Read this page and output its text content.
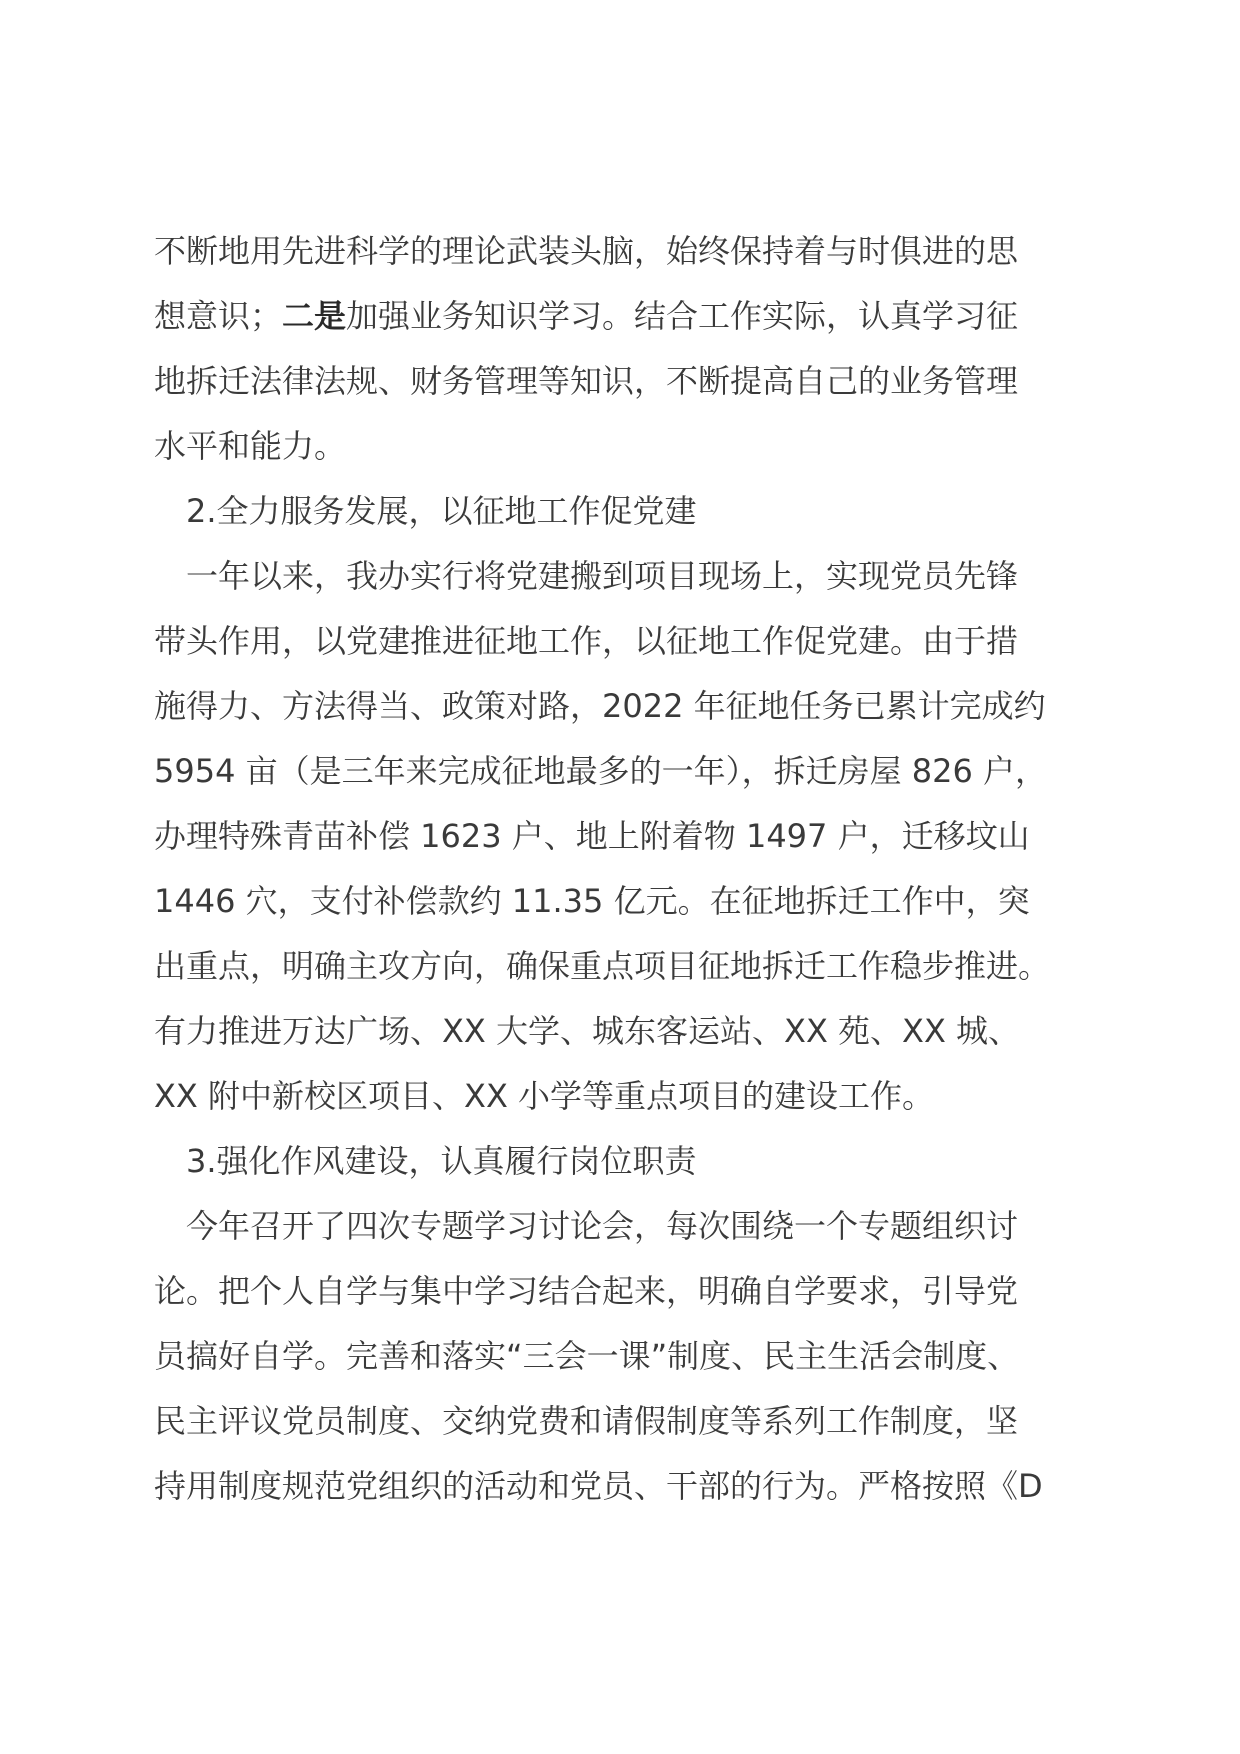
不断地用先进科学的理论武装头脑，始终保持着与时俱进的思
想意识；二是加强业务知识学习。结合工作实际，认真学习征
地拆迁法律法规、财务管理等知识，不断提高自己的业务管理
水平和能力。
2.全力服务发展，以征地工作促党建
一年以来，我办实行将党建搬到项目现场上，实现党员先锋
带头作用，以党建推进征地工作，以征地工作促党建。由于措
施得力、方法得当、政策对路，2022 年征地任务已累计完成约
5954 亩（是三年来完成征地最多的一年），拆迁房屋 826 户，
办理特殊青苗补偿 1623 户、地上附着物 1497 户，迁移坟山
1446 穴，支付补偿款约 11.35 亿元。在征地拆迁工作中，突
出重点，明确主攻方向，确保重点项目征地拆迁工作稳步推进。
有力推进万达广场、XX 大学、城东客运站、XX 苑、XX 城、
XX 附中新校区项目、XX 小学等重点项目的建设工作。
3.强化作风建设，认真履行岗位职责
今年召开了四次专题学习讨论会，每次围绕一个专题组织讨
论。把个人自学与集中学习结合起来，明确自学要求，引导党
员搞好自学。完善和落实“三会一课”制度、民主生活会制度、
民主评议党员制度、交纳党费和请假制度等系列工作制度，坚
持用制度规范党组织的活动和党员、干部的行为。严格按照《D
